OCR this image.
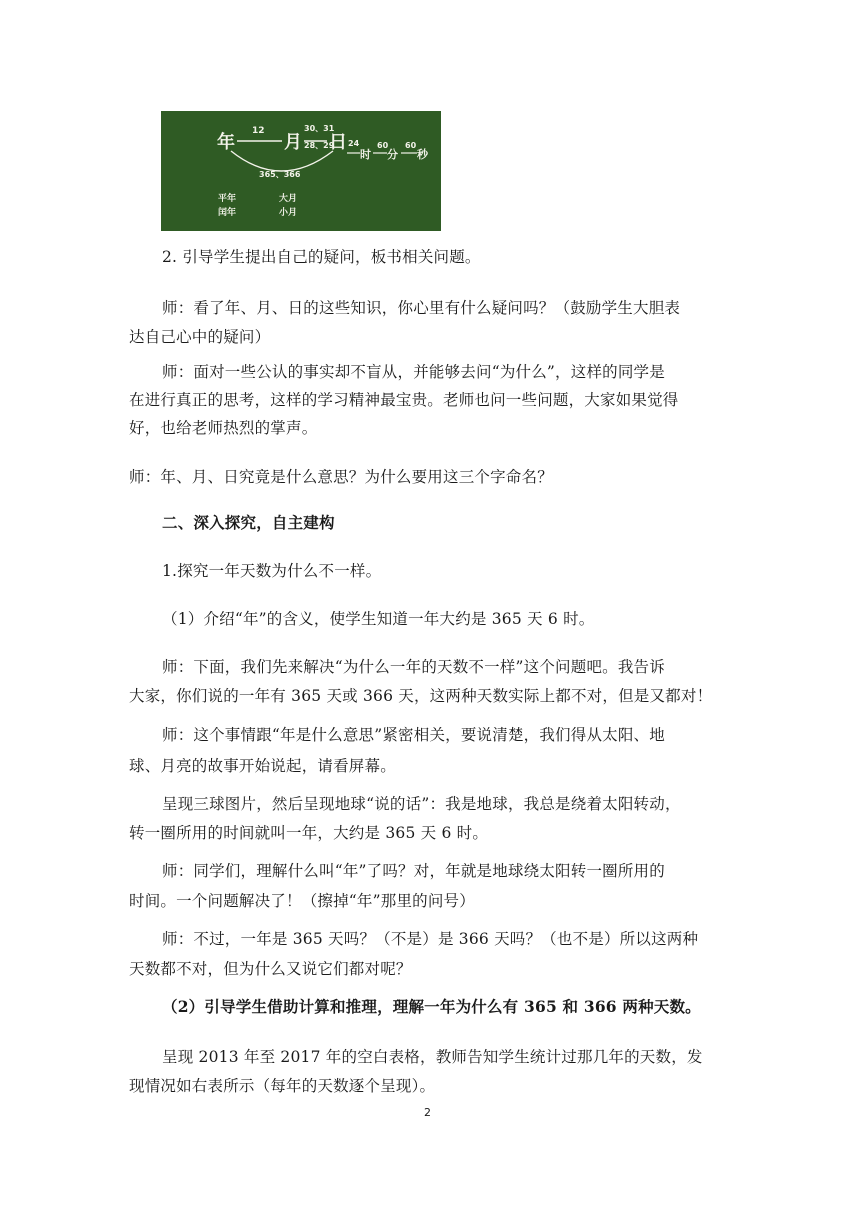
年	月 日
12	30、31
28、29 24 60 60
时 分 秒
365、366
平年
闰年
大月
小月
2. 引导学生提出自己的疑问，板书相关问题。
师：看了年、月、日的这些知识，你心里有什么疑问吗？（鼓励学生大胆表
达自己心中的疑问）
师：面对一些公认的事实却不盲从，并能够去问“为什么”，这样的同学是
在进行真正的思考，这样的学习精神最宝贵。老师也问一些问题，大家如果觉得
好，也给老师热烈的掌声。
师：年、月、日究竟是什么意思？为什么要用这三个字命名？
二、深入探究，自主建构
1.探究一年天数为什么不一样。
（1）介绍“年”的含义，使学生知道一年大约是 365 天 6 时。
师：下面，我们先来解决“为什么一年的天数不一样”这个问题吧。我告诉
大家，你们说的一年有 365 天或 366 天，这两种天数实际上都不对，但是又都对！
师：这个事情跟“年是什么意思”紧密相关，要说清楚，我们得从太阳、地
球、月亮的故事开始说起，请看屏幕。
呈现三球图片，然后呈现地球“说的话”：我是地球，我总是绕着太阳转动，
转一圈所用的时间就叫一年，大约是 365 天 6 时。
师：同学们，理解什么叫“年”了吗？对，年就是地球绕太阳转一圈所用的
时间。一个问题解决了！（擦掉“年”那里的问号）
师：不过，一年是 365 天吗？（不是）是 366 天吗？（也不是）所以这两种
天数都不对，但为什么又说它们都对呢？
（2）引导学生借助计算和推理，理解一年为什么有 365 和 366 两种天数。
呈现 2013 年至 2017 年的空白表格，教师告知学生统计过那几年的天数，发
现情况如右表所示（每年的天数逐个呈现）。
2
